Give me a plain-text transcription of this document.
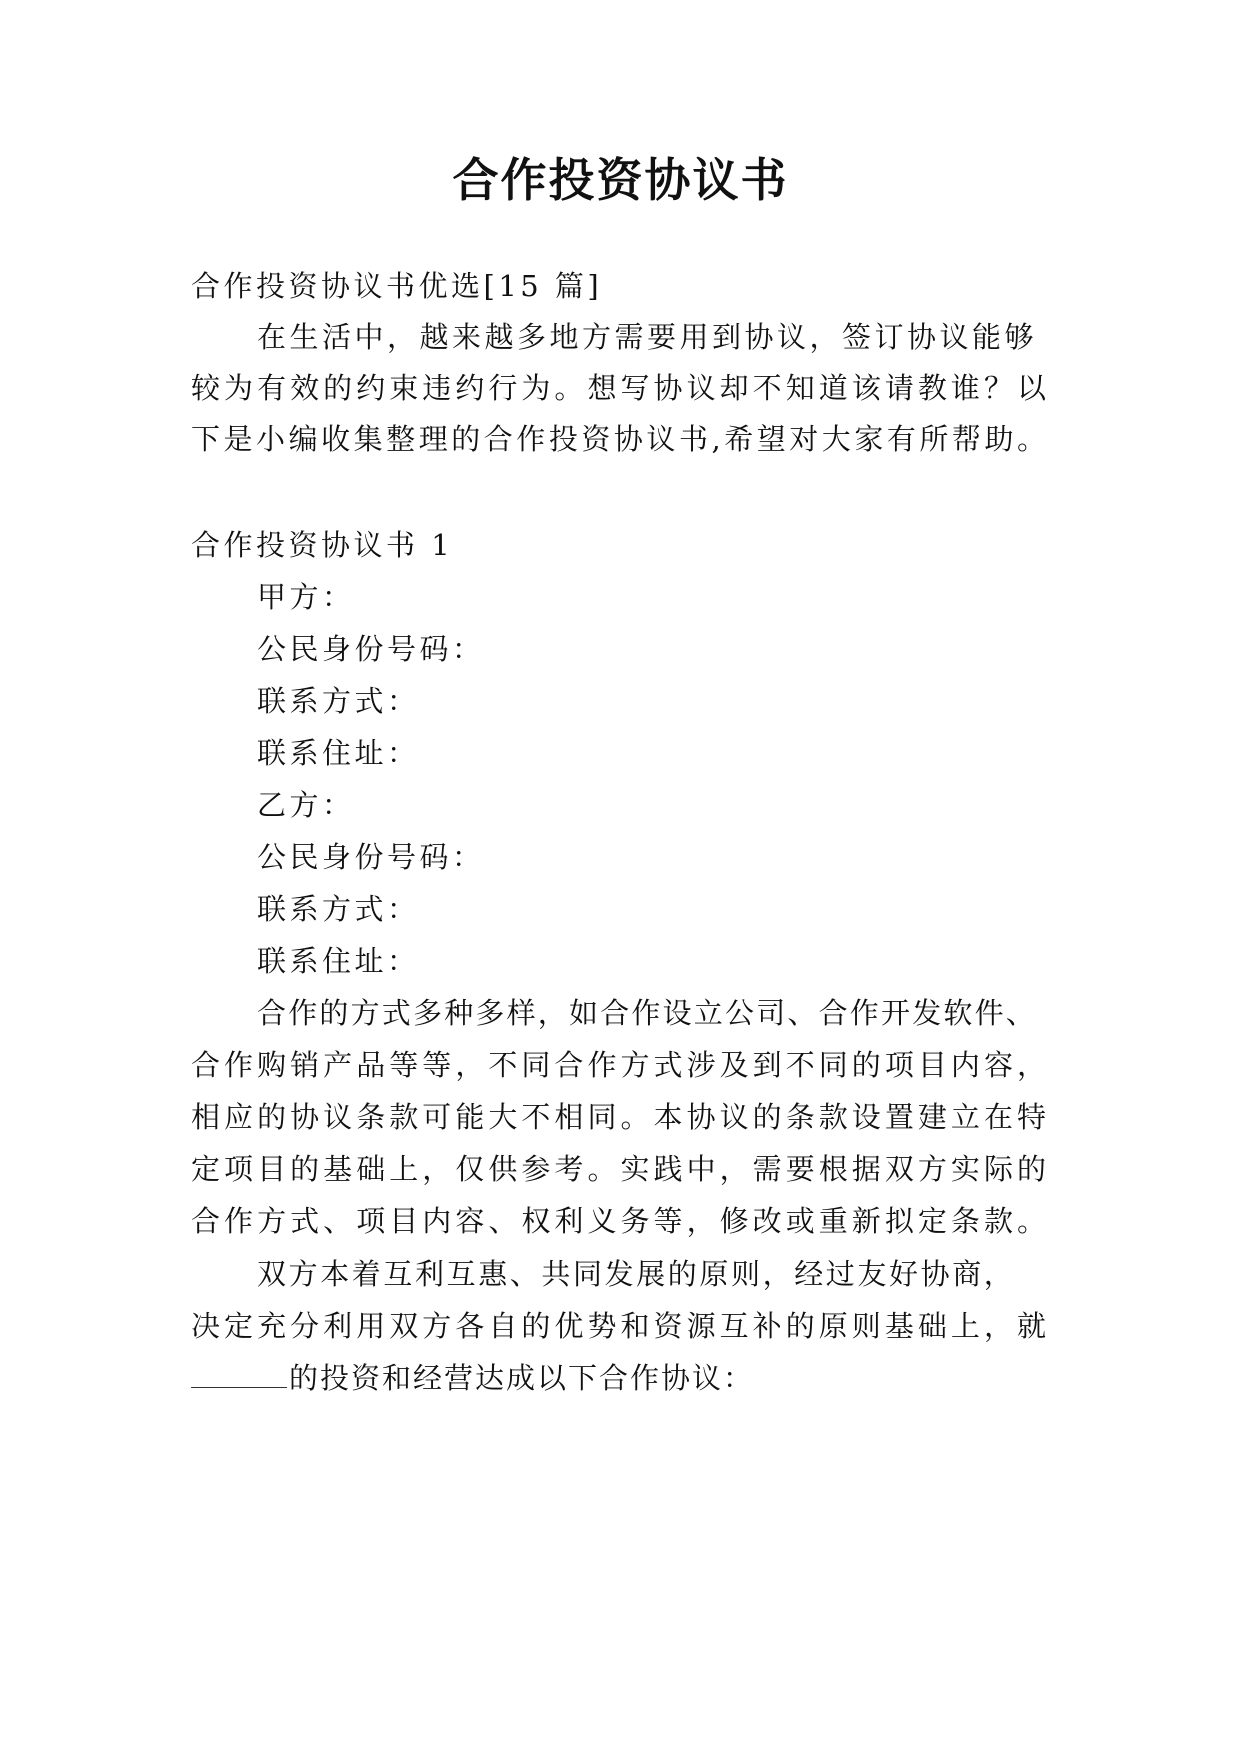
合作投资协议书
合作投资协议书优选[15 篇]
在生活中，越来越多地方需要用到协议，签订协议能够
较为有效的约束违约行为。想写协议却不知道该请教谁？以
下是小编收集整理的合作投资协议书,希望对大家有所帮助。
合作投资协议书 1
甲方：
公民身份号码：
联系方式：
联系住址：
乙方：
公民身份号码：
联系方式：
联系住址：
合作的方式多种多样，如合作设立公司、合作开发软件、
合作购销产品等等，不同合作方式涉及到不同的项目内容，
相应的协议条款可能大不相同。本协议的条款设置建立在特
定项目的基础上，仅供参考。实践中，需要根据双方实际的
合作方式、项目内容、权利义务等，修改或重新拟定条款。
双方本着互利互惠、共同发展的原则，经过友好协商，
决定充分利用双方各自的优势和资源互补的原则基础上，就
的投资和经营达成以下合作协议：
